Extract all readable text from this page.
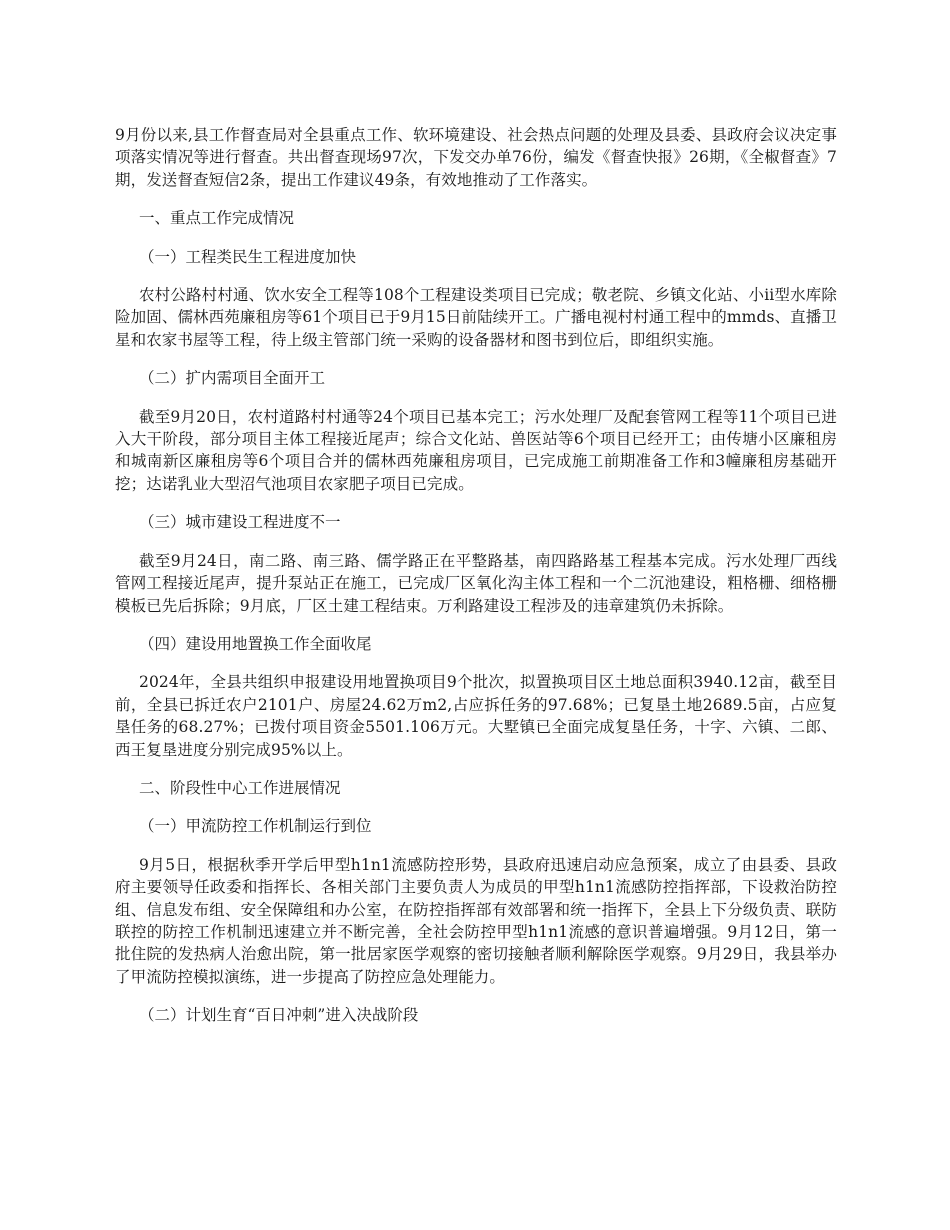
9月份以来,县工作督查局对全县重点工作、软环境建设、社会热点问题的处理及县委、县政府会议决定事项落实情况等进行督查。共出督查现场97次，下发交办单76份，编发《督查快报》26期，《全椒督查》7期，发送督查短信2条，提出工作建议49条，有效地推动了工作落实。

一、重点工作完成情况

（一）工程类民生工程进度加快

农村公路村村通、饮水安全工程等108个工程建设类项目已完成；敬老院、乡镇文化站、小ii型水库除险加固、儒林西苑廉租房等61个项目已于9月15日前陆续开工。广播电视村村通工程中的mmds、直播卫星和农家书屋等工程，待上级主管部门统一采购的设备器材和图书到位后，即组织实施。

（二）扩内需项目全面开工

截至9月20日，农村道路村村通等24个项目已基本完工；污水处理厂及配套管网工程等11个项目已进入大干阶段，部分项目主体工程接近尾声；综合文化站、兽医站等6个项目已经开工；由传塘小区廉租房和城南新区廉租房等6个项目合并的儒林西苑廉租房项目，已完成施工前期准备工作和3幢廉租房基础开挖；达诺乳业大型沼气池项目农家肥子项目已完成。

（三）城市建设工程进度不一

截至9月24日，南二路、南三路、儒学路正在平整路基，南四路路基工程基本完成。污水处理厂西线管网工程接近尾声，提升泵站正在施工，已完成厂区氧化沟主体工程和一个二沉池建设，粗格栅、细格栅模板已先后拆除；9月底，厂区土建工程结束。万利路建设工程涉及的违章建筑仍未拆除。

（四）建设用地置换工作全面收尾

2024年，全县共组织申报建设用地置换项目9个批次，拟置换项目区土地总面积3940.12亩，截至目前，全县已拆迁农户2101户、房屋24.62万m2,占应拆任务的97.68%；已复垦土地2689.5亩，占应复垦任务的68.27%；已拨付项目资金5501.106万元。大墅镇已全面完成复垦任务，十字、六镇、二郎、西王复垦进度分别完成95%以上。

二、阶段性中心工作进展情况

（一）甲流防控工作机制运行到位

9月5日，根据秋季开学后甲型h1n1流感防控形势，县政府迅速启动应急预案，成立了由县委、县政府主要领导任政委和指挥长、各相关部门主要负责人为成员的甲型h1n1流感防控指挥部，下设救治防控组、信息发布组、安全保障组和办公室，在防控指挥部有效部署和统一指挥下，全县上下分级负责、联防联控的防控工作机制迅速建立并不断完善，全社会防控甲型h1n1流感的意识普遍增强。9月12日，第一批住院的发热病人治愈出院，第一批居家医学观察的密切接触者顺利解除医学观察。9月29日，我县举办了甲流防控模拟演练，进一步提高了防控应急处理能力。

（二）计划生育“百日冲刺”进入决战阶段
